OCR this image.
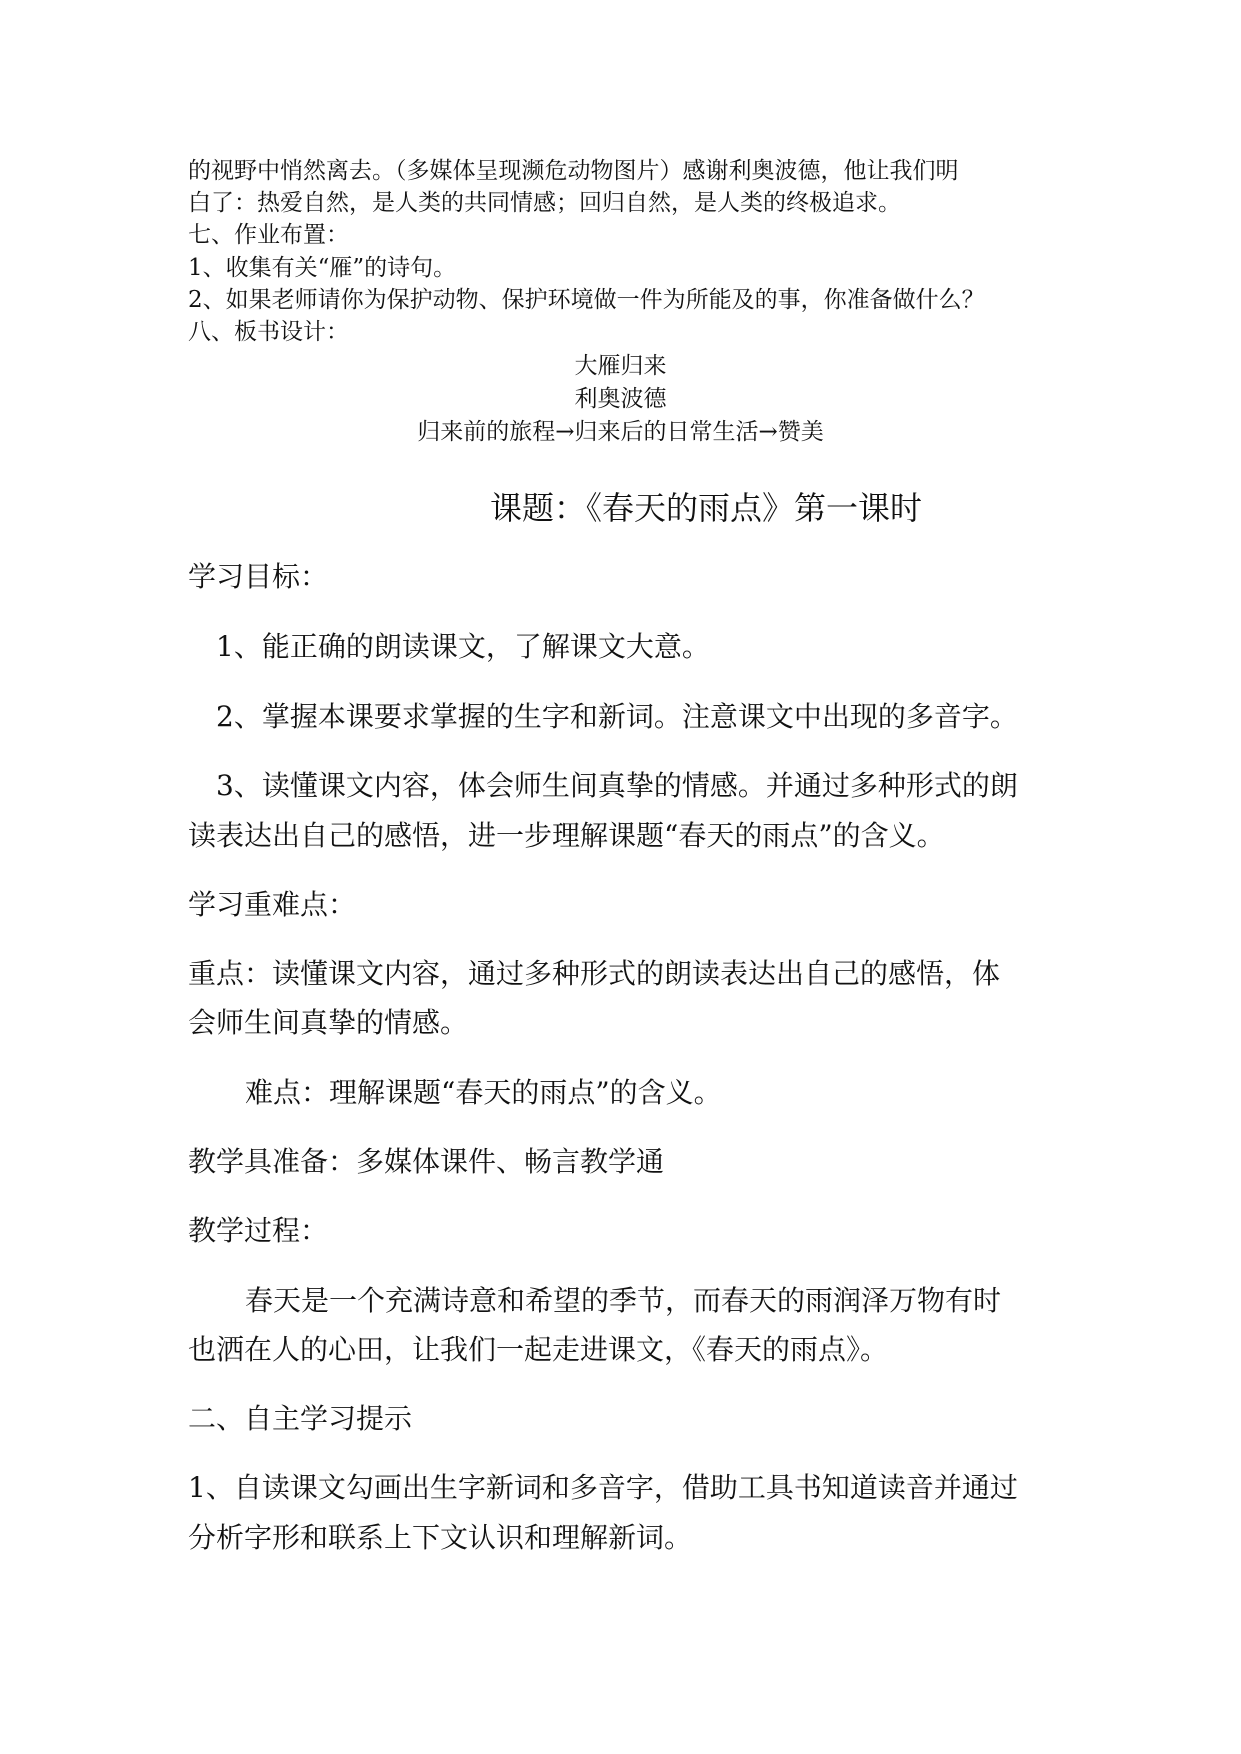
的视野中悄然离去。（多媒体呈现濒危动物图片）感谢利奥波德，他让我们明
白了：热爱自然，是人类的共同情感；回归自然，是人类的终极追求。
七、作业布置：
1、收集有关“雁”的诗句。
2、如果老师请你为保护动物、保护环境做一件为所能及的事，你准备做什么？
八、板书设计：
大雁归来
利奥波德
归来前的旅程→归来后的日常生活→赞美
课题：《春天的雨点》第一课时
学习目标：
1、能正确的朗读课文，了解课文大意。
2、掌握本课要求掌握的生字和新词。注意课文中出现的多音字。
3、读懂课文内容，体会师生间真挚的情感。并通过多种形式的朗
读表达出自己的感悟，进一步理解课题“春天的雨点”的含义。
学习重难点：
重点：读懂课文内容，通过多种形式的朗读表达出自己的感悟，体
会师生间真挚的情感。
难点：理解课题“春天的雨点”的含义。
教学具准备：多媒体课件、畅言教学通
教学过程：
春天是一个充满诗意和希望的季节，而春天的雨润泽万物有时
也洒在人的心田，让我们一起走进课文，《春天的雨点》。
二、自主学习提示
1、自读课文勾画出生字新词和多音字，借助工具书知道读音并通过
分析字形和联系上下文认识和理解新词。
